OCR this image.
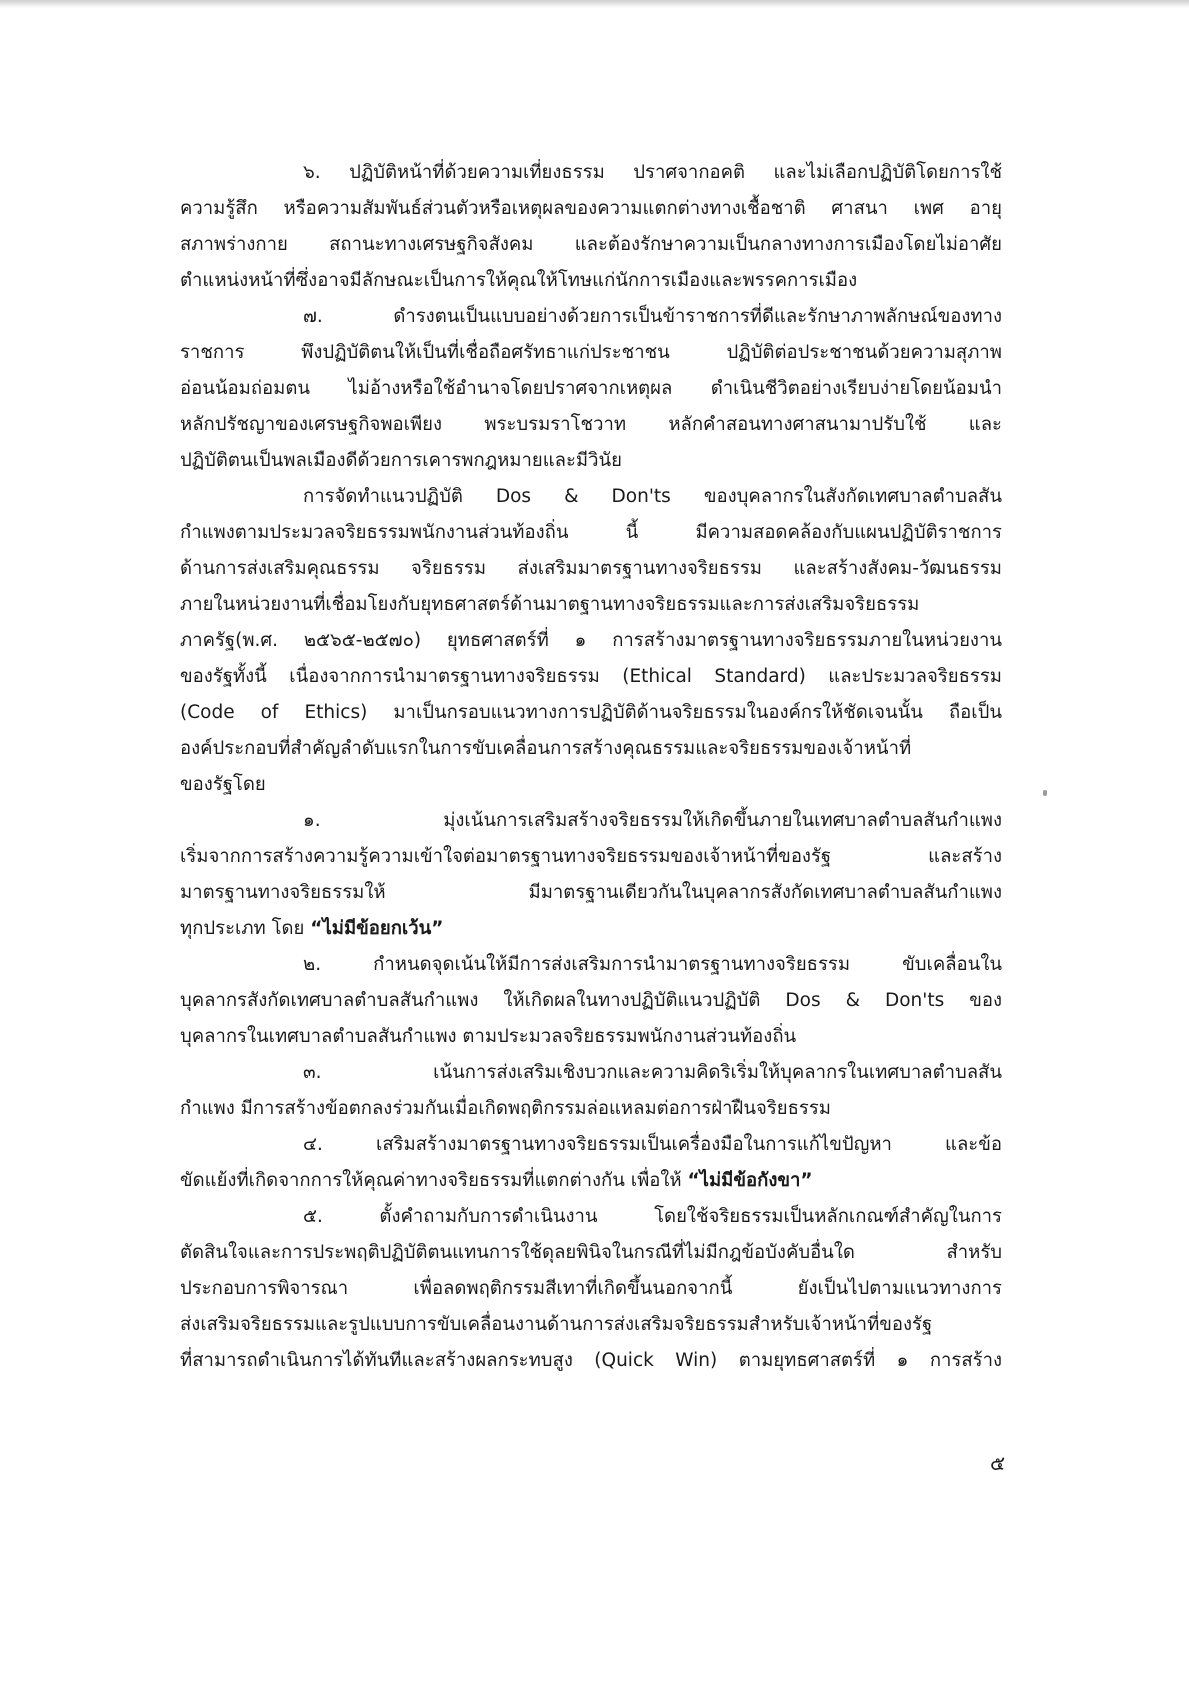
๖. ปฏิบัติหน้าที่ด้วยความเที่ยงธรรม ปราศจากอคติ และไม่เลือกปฏิบัติโดยการใช้
ความรู้สึก หรือความสัมพันธ์ส่วนตัวหรือเหตุผลของความแตกต่างทางเชื้อชาติ ศาสนา เพศ อายุ
สภาพร่างกาย สถานะทางเศรษฐกิจสังคม และต้องรักษาความเป็นกลางทางการเมืองโดยไม่อาศัย
ตำแหน่งหน้าที่ซึ่งอาจมีลักษณะเป็นการให้คุณให้โทษแก่นักการเมืองและพรรคการเมือง
๗. ดำรงตนเป็นแบบอย่างด้วยการเป็นข้าราชการที่ดีและรักษาภาพลักษณ์ของทาง
ราชการ พึงปฏิบัติตนให้เป็นที่เชื่อถือศรัทธาแก่ประชาชน ปฏิบัติต่อประชาชนด้วยความสุภาพ
อ่อนน้อมถ่อมตน ไม่อ้างหรือใช้อำนาจโดยปราศจากเหตุผล ดำเนินชีวิตอย่างเรียบง่ายโดยน้อมนำ
หลักปรัชญาของเศรษฐกิจพอเพียง พระบรมราโชวาท หลักคำสอนทางศาสนามาปรับใช้ และ
ปฏิบัติตนเป็นพลเมืองดีด้วยการเคารพกฎหมายและมีวินัย
การจัดทำแนวปฏิบัติ Dos & Don'ts ของบุคลากรในสังกัดเทศบาลตำบลสัน
กำแพงตามประมวลจริยธรรมพนักงานส่วนท้องถิ่น นี้ มีความสอดคล้องกับแผนปฏิบัติราชการ
ด้านการส่งเสริมคุณธรรม จริยธรรม ส่งเสริมมาตรฐานทางจริยธรรม และสร้างสังคม-วัฒนธรรม
ภายในหน่วยงานที่เชื่อมโยงกับยุทธศาสตร์ด้านมาตฐานทางจริยธรรมและการส่งเสริมจริยธรรม
ภาครัฐ(พ.ศ. ๒๕๖๕-๒๕๗๐) ยุทธศาสตร์ที่ ๑ การสร้างมาตรฐานทางจริยธรรมภายในหน่วยงาน
ของรัฐทั้งนี้ เนื่องจากการนำมาตรฐานทางจริยธรรม (Ethical Standard) และประมวลจริยธรรม
(Code of Ethics) มาเป็นกรอบแนวทางการปฏิบัติด้านจริยธรรมในองค์กรให้ชัดเจนนั้น ถือเป็น
องค์ประกอบที่สำคัญลำดับแรกในการขับเคลื่อนการสร้างคุณธรรมและจริยธรรมของเจ้าหน้าที่
ของรัฐโดย
๑. มุ่งเน้นการเสริมสร้างจริยธรรมให้เกิดขึ้นภายในเทศบาลตำบลสันกำแพง
เริ่มจากการสร้างความรู้ความเข้าใจต่อมาตรฐานทางจริยธรรมของเจ้าหน้าที่ของรัฐ และสร้าง
มาตรฐานทางจริยธรรมให้ มีมาตรฐานเดียวกันในบุคลากรสังกัดเทศบาลตำบลสันกำแพง
ทุกประเภท โดย “ไม่มีข้อยกเว้น”
๒. กำหนดจุดเน้นให้มีการส่งเสริมการนำมาตรฐานทางจริยธรรม ขับเคลื่อนใน
บุคลากรสังกัดเทศบาลตำบลสันกำแพง ให้เกิดผลในทางปฏิบัติแนวปฏิบัติ Dos & Don'ts ของ
บุคลากรในเทศบาลตำบลสันกำแพง ตามประมวลจริยธรรมพนักงานส่วนท้องถิ่น
๓. เน้นการส่งเสริมเชิงบวกและความคิดริเริ่มให้บุคลากรในเทศบาลตำบลสัน
กำแพง มีการสร้างข้อตกลงร่วมกันเมื่อเกิดพฤติกรรมล่อแหลมต่อการฝ่าฝืนจริยธรรม
๔. เสริมสร้างมาตรฐานทางจริยธรรมเป็นเครื่องมือในการแก้ไขปัญหา และข้อ
ขัดแย้งที่เกิดจากการให้คุณค่าทางจริยธรรมที่แตกต่างกัน เพื่อให้ “ไม่มีข้อกังขา”
๕. ตั้งคำถามกับการดำเนินงาน โดยใช้จริยธรรมเป็นหลักเกณฑ์สำคัญในการ
ตัดสินใจและการประพฤติปฏิบัติตนแทนการใช้ดุลยพินิจในกรณีที่ไม่มีกฎข้อบังคับอื่นใด สำหรับ
ประกอบการพิจารณา เพื่อลดพฤติกรรมสีเทาที่เกิดขึ้นนอกจากนี้ ยังเป็นไปตามแนวทางการ
ส่งเสริมจริยธรรมและรูปแบบการขับเคลื่อนงานด้านการส่งเสริมจริยธรรมสำหรับเจ้าหน้าที่ของรัฐ
ที่สามารถดำเนินการได้ทันทีและสร้างผลกระทบสูง (Quick Win) ตามยุทธศาสตร์ที่ ๑ การสร้าง
๕
